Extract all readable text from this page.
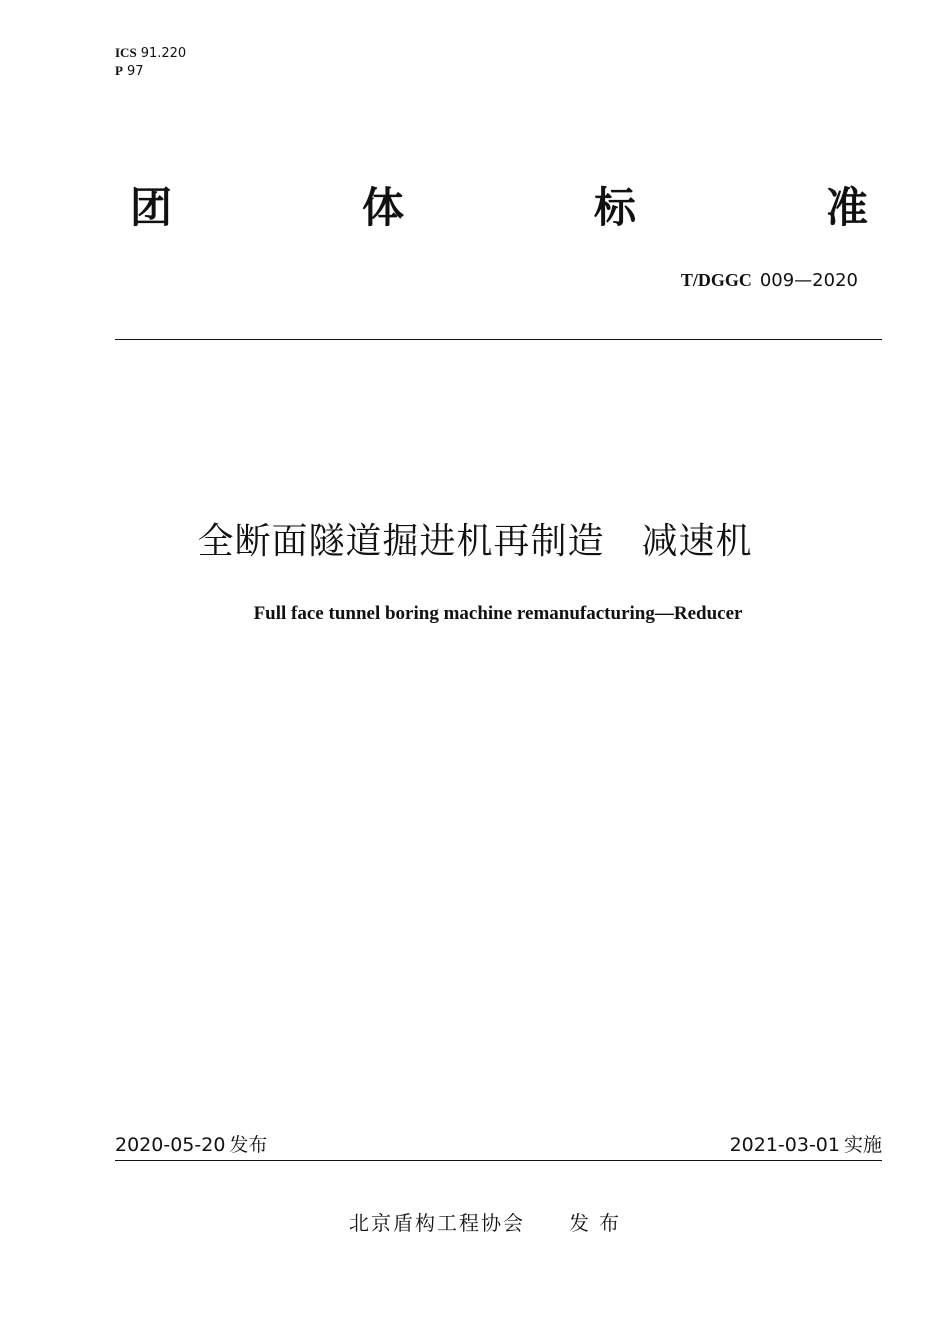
ICS 91.220
P 97
团	体	标	准
T/DGGC 009—2020
全断面隧道掘进机再制造　减速机
Full face tunnel boring machine remanufacturing—Reducer
2020-05-20 发布	2021-03-01 实施
北京盾构工程协会 发布
